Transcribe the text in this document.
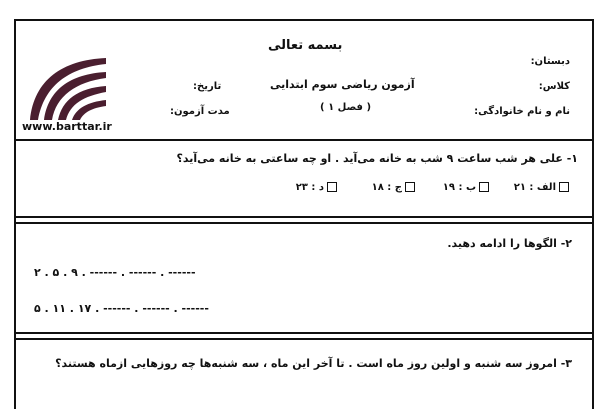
بسمه تعالی
دبستان:
آزمون ریاضی سوم ابتدایی
( فصل ۱ )
تاریخ:	کلاس:
مدت آزمون:	نام و نام خانوادگی:
www.barttar.ir
۱- علی هر شب ساعت ۹ شب به خانه می‌آید . او چه ساعتی به خانه می‌آید؟
الف : ۲۱
ب : ۱۹
ج : ۱۸
د : ۲۳
۲- الگوها را ادامه دهید.
۲ . ۵ . ۹ . ------ . ------ . ------
۵ . ۱۱ . ۱۷ . ------ . ------ . ------
۳- امروز سه شنبه و اولین روز ماه است . تا آخر این ماه ، سه شنبه‌ها چه روزهایی ازماه هستند؟
